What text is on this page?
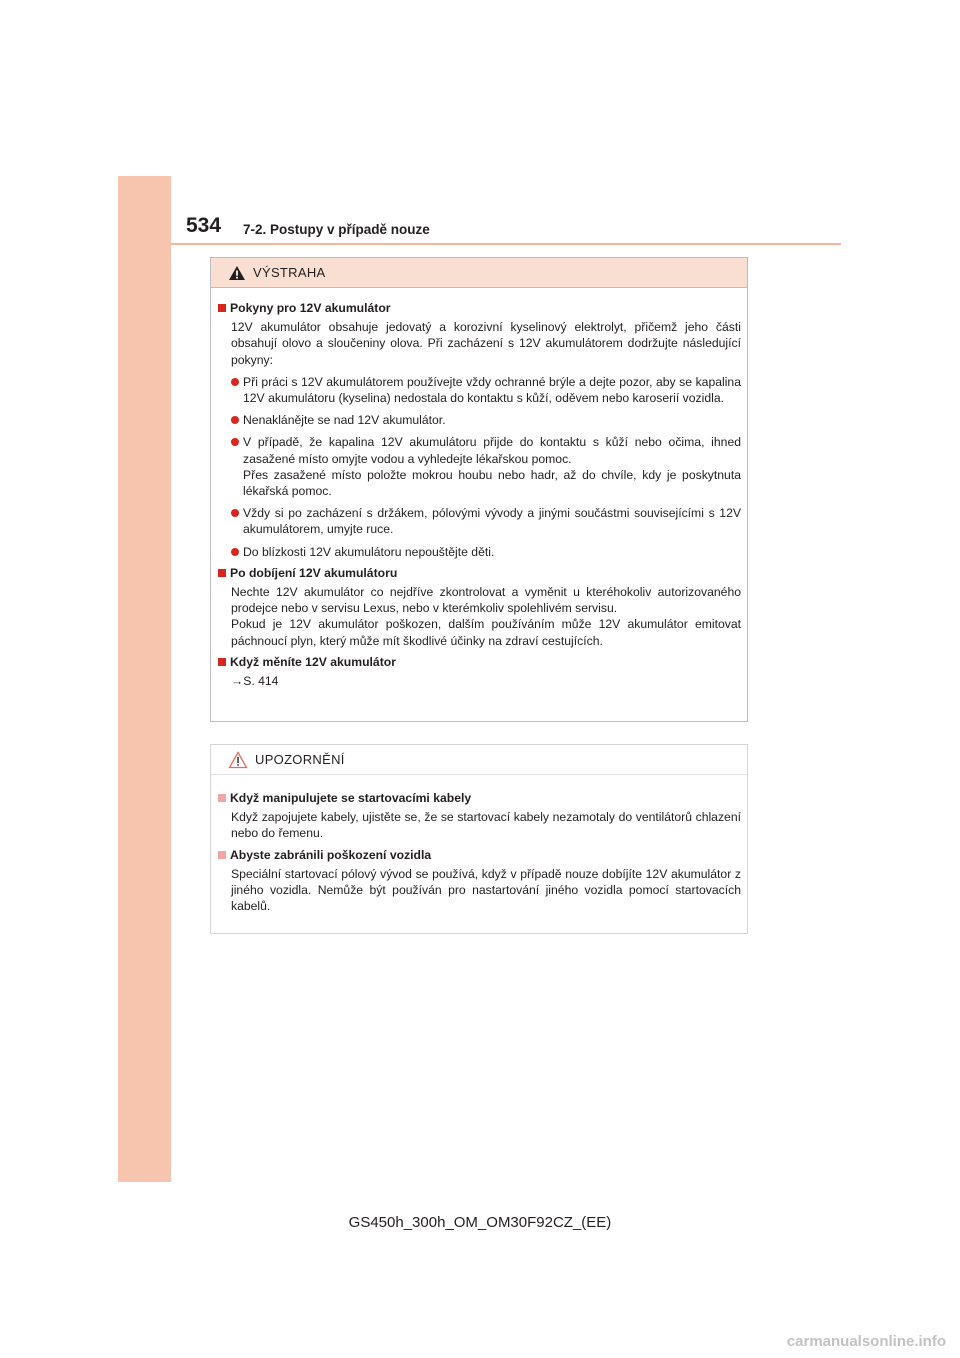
534 7-2. Postupy v případě nouze
VÝSTRAHA
Pokyny pro 12V akumulátor
12V akumulátor obsahuje jedovatý a korozivní kyselinový elektrolyt, přičemž jeho části obsahují olovo a sloučeniny olova. Při zacházení s 12V akumulátorem dodržujte následující pokyny:
Při práci s 12V akumulátorem používejte vždy ochranné brýle a dejte pozor, aby se kapalina 12V akumulátoru (kyselina) nedostala do kontaktu s kůží, oděvem nebo karoserií vozidla.
Nenaklánějte se nad 12V akumulátor.
V případě, že kapalina 12V akumulátoru přijde do kontaktu s kůží nebo očima, ihned zasažené místo omyjte vodou a vyhledejte lékařskou pomoc.
Přes zasažené místo položte mokrou houbu nebo hadr, až do chvíle, kdy je poskytnuta lékařská pomoc.
Vždy si po zacházení s držákem, pólovými vývody a jinými součástmi souvisejícími s 12V akumulátorem, umyjte ruce.
Do blízkosti 12V akumulátoru nepouštějte děti.
Po dobíjení 12V akumulátoru
Nechte 12V akumulátor co nejdříve zkontrolovat a vyměnit u kteréhokoliv autorizovaného prodejce nebo v servisu Lexus, nebo v kterémkoliv spolehlivém servisu.
Pokud je 12V akumulátor poškozen, dalším používáním může 12V akumulátor emitovat páchnoucí plyn, který může mít škodlivé účinky na zdraví cestujících.
Když měníte 12V akumulátor
→S. 414
UPOZORNĚNÍ
Když manipulujete se startovacími kabely
Když zapojujete kabely, ujistěte se, že se startovací kabely nezamotaly do ventilátorů chlazení nebo do řemenu.
Abyste zabránili poškození vozidla
Speciální startovací pólový vývod se používá, když v případě nouze dobíjíte 12V akumulátor z jiného vozidla. Nemůže být používán pro nastartování jiného vozidla pomocí startovacích kabelů.
GS450h_300h_OM_OM30F92CZ_(EE)
carmanualsonline.info
